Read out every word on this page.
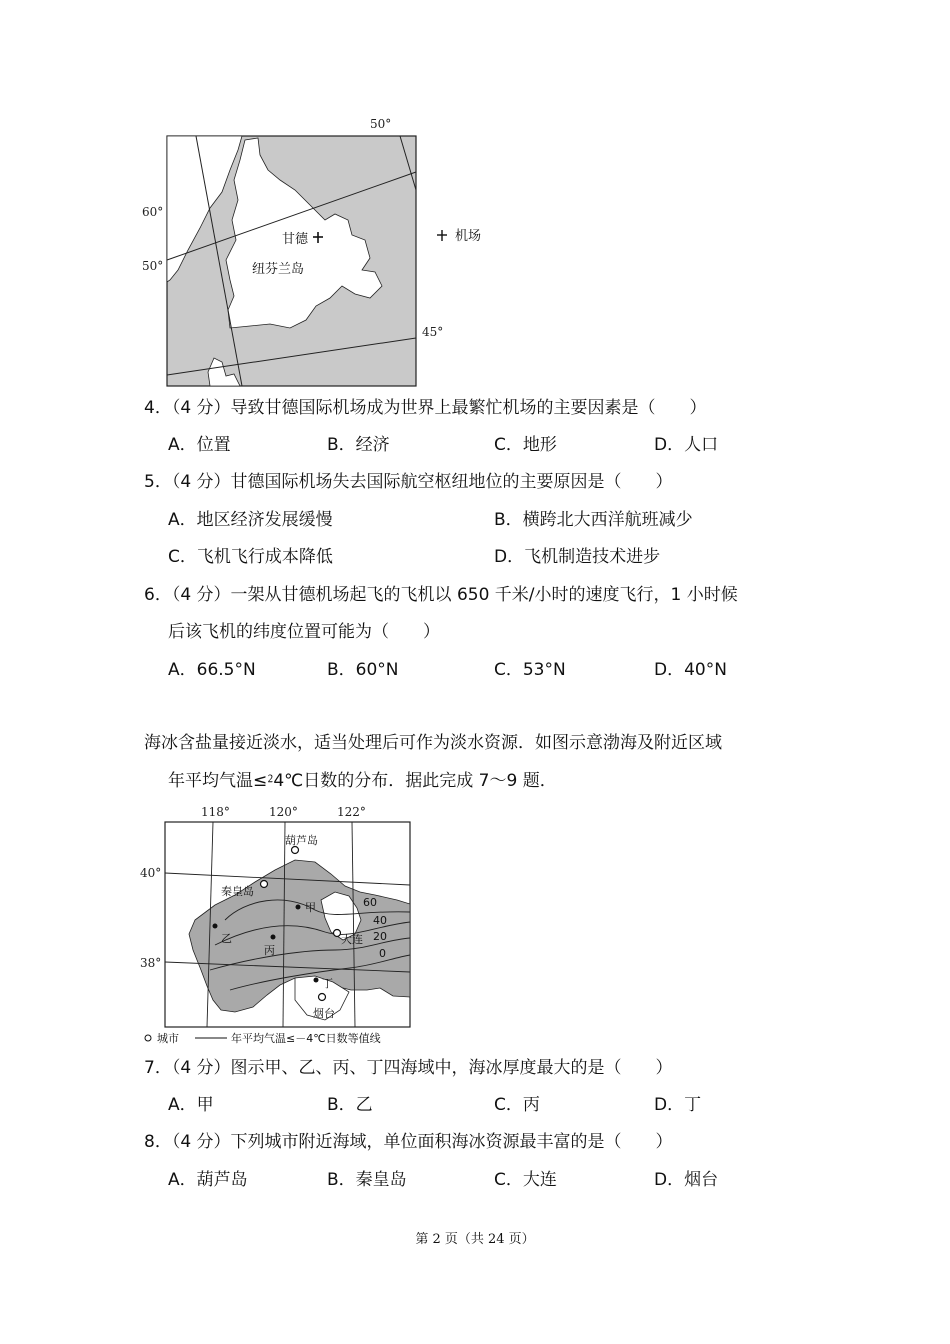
50°
60°
50°
45°
甘德
纽芬兰岛
机场
4．（4 分）导致甘德国际机场成为世界上最繁忙机场的主要因素是（　　）
A．位置	B．经济	C．地形	D．人口
5．（4 分）甘德国际机场失去国际航空枢纽地位的主要原因是（　　）
A．地区经济发展缓慢	B．横跨北大西洋航班减少
C．飞机飞行成本降低	D．飞机制造技术进步
6．（4 分）一架从甘德机场起飞的飞机以 650 千米/小时的速度飞行，1 小时候
后该飞机的纬度位置可能为（　　）
A．66.5°N	B．60°N	C．53°N	D．40°N
海冰含盐量接近淡水，适当处理后可作为淡水资源．如图示意渤海及附近区域
年平均气温≤⁲4℃日数的分布．据此完成 7～9 题．
118°	120°	122°
40°
38°
葫芦岛
秦皇岛
大连
烟台
甲
乙
丙
丁
60
40
20
0
城市	年平均气温≤－4℃日数等值线
7．（4 分）图示甲、乙、丙、丁四海域中，海冰厚度最大的是（　　）
A．甲	B．乙	C．丙	D．丁
8．（4 分）下列城市附近海域，单位面积海冰资源最丰富的是（　　）
A．葫芦岛	B．秦皇岛	C．大连	D．烟台
第 2 页（共 24 页）
